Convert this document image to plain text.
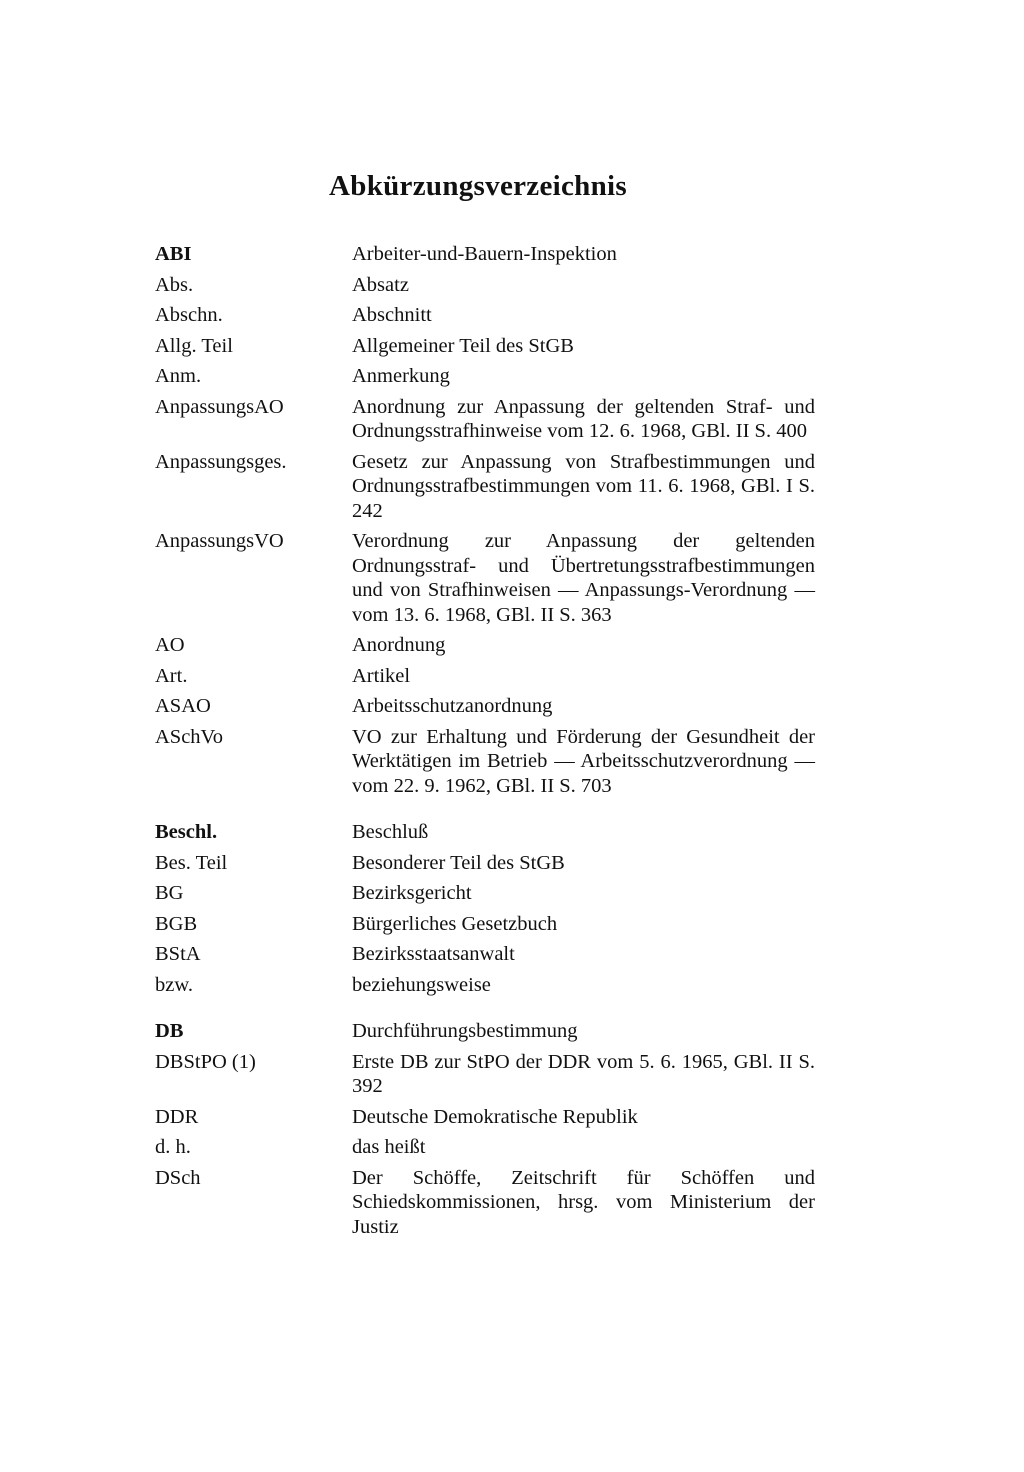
Abkürzungsverzeichnis
ABI	Arbeiter-und-Bauern-Inspektion
Abs.	Absatz
Abschn.	Abschnitt
Allg. Teil	Allgemeiner Teil des StGB
Anm.	Anmerkung
AnpassungsAO	Anordnung zur Anpassung der geltenden Straf- und Ordnungsstrafhinweise vom 12. 6. 1968, GBl. II S. 400
Anpassungsges.	Gesetz zur Anpassung von Strafbestimmungen und Ordnungsstrafbestimmungen vom 11. 6. 1968, GBl. I S. 242
AnpassungsVO	Verordnung zur Anpassung der geltenden Ordnungsstraf- und Übertretungsstrafbestimmungen und von Strafhinweisen — Anpassungs-Verordnung — vom 13. 6. 1968, GBl. II S. 363
AO	Anordnung
Art.	Artikel
ASAO	Arbeitsschutzanordnung
ASchVo	VO zur Erhaltung und Förderung der Gesundheit der Werktätigen im Betrieb — Arbeitsschutzverordnung — vom 22. 9. 1962, GBl. II S. 703
Beschl.	Beschluß
Bes. Teil	Besonderer Teil des StGB
BG	Bezirksgericht
BGB	Bürgerliches Gesetzbuch
BStA	Bezirksstaatsanwalt
bzw.	beziehungsweise
DB	Durchführungsbestimmung
DBStPO (1)	Erste DB zur StPO der DDR vom 5. 6. 1965, GBl. II S. 392
DDR	Deutsche Demokratische Republik
d. h.	das heißt
DSch	Der Schöffe, Zeitschrift für Schöffen und Schiedskommissionen, hrsg. vom Ministerium der Justiz
